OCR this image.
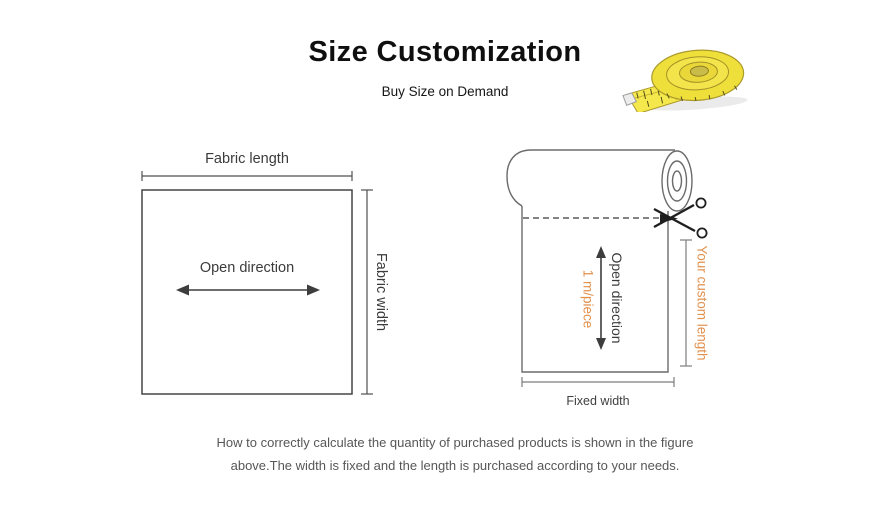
Size Customization
Buy Size on Demand
Fabric length
Open direction	Fabric width	Open direction
1 m/piece	Your custom length
Fixed width
How to correctly calculate the quantity of purchased products is shown in the figure
above.The width is fixed and the length is purchased according to your needs.
